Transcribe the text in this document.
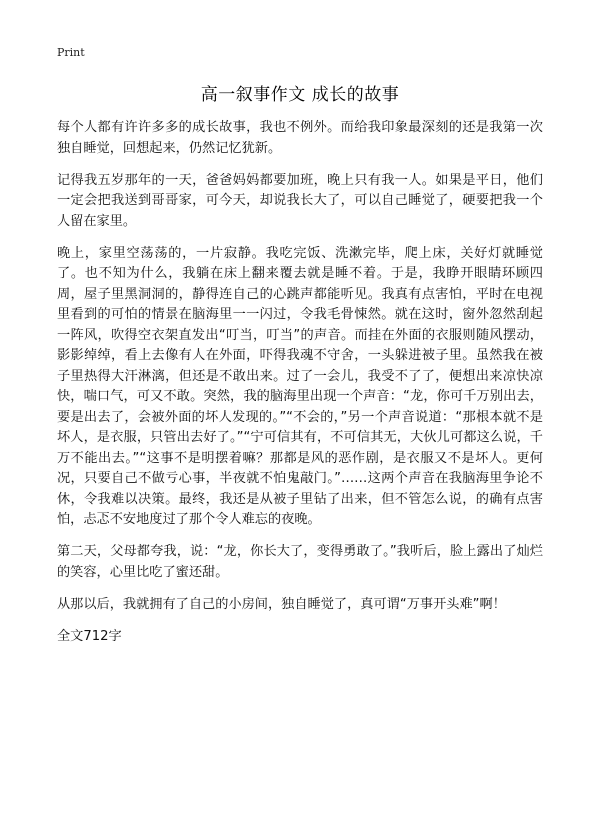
Print
高一叙事作文 成长的故事

每个人都有许许多多的成长故事，我也不例外。而给我印象最深刻的还是我第一次独自睡觉，回想起来，仍然记忆犹新。

记得我五岁那年的一天，爸爸妈妈都要加班，晚上只有我一人。如果是平日，他们一定会把我送到哥哥家，可今天，却说我长大了，可以自己睡觉了，硬要把我一个人留在家里。

晚上，家里空荡荡的，一片寂静。我吃完饭、洗漱完毕，爬上床，关好灯就睡觉了。也不知为什么，我躺在床上翻来覆去就是睡不着。于是，我睁开眼睛环顾四周，屋子里黑洞洞的，静得连自己的心跳声都能听见。我真有点害怕，平时在电视里看到的可怕的情景在脑海里一一闪过，令我毛骨悚然。就在这时，窗外忽然刮起一阵风，吹得空衣架直发出“叮当，叮当”的声音。而挂在外面的衣服则随风摆动，影影绰绰，看上去像有人在外面，吓得我魂不守舍，一头躲进被子里。虽然我在被子里热得大汗淋漓，但还是不敢出来。过了一会儿，我受不了了，便想出来凉快凉快，喘口气，可又不敢。突然，我的脑海里出现一个声音：“龙，你可千万别出去，要是出去了，会被外面的坏人发现的。”“不会的，”另一个声音说道：“那根本就不是坏人，是衣服，只管出去好了。”“宁可信其有，不可信其无，大伙儿可都这么说，千万不能出去。”“这事不是明摆着嘛？那都是风的恶作剧，是衣服又不是坏人。更何况，只要自己不做亏心事，半夜就不怕鬼敲门。”……这两个声音在我脑海里争论不休，令我难以决策。最终，我还是从被子里钻了出来，但不管怎么说，的确有点害怕，忐忑不安地度过了那个令人难忘的夜晚。

第二天，父母都夸我，说：“龙，你长大了，变得勇敢了。”我听后，脸上露出了灿烂的笑容，心里比吃了蜜还甜。

从那以后，我就拥有了自己的小房间，独自睡觉了，真可谓“万事开头难”啊！

全文712字
